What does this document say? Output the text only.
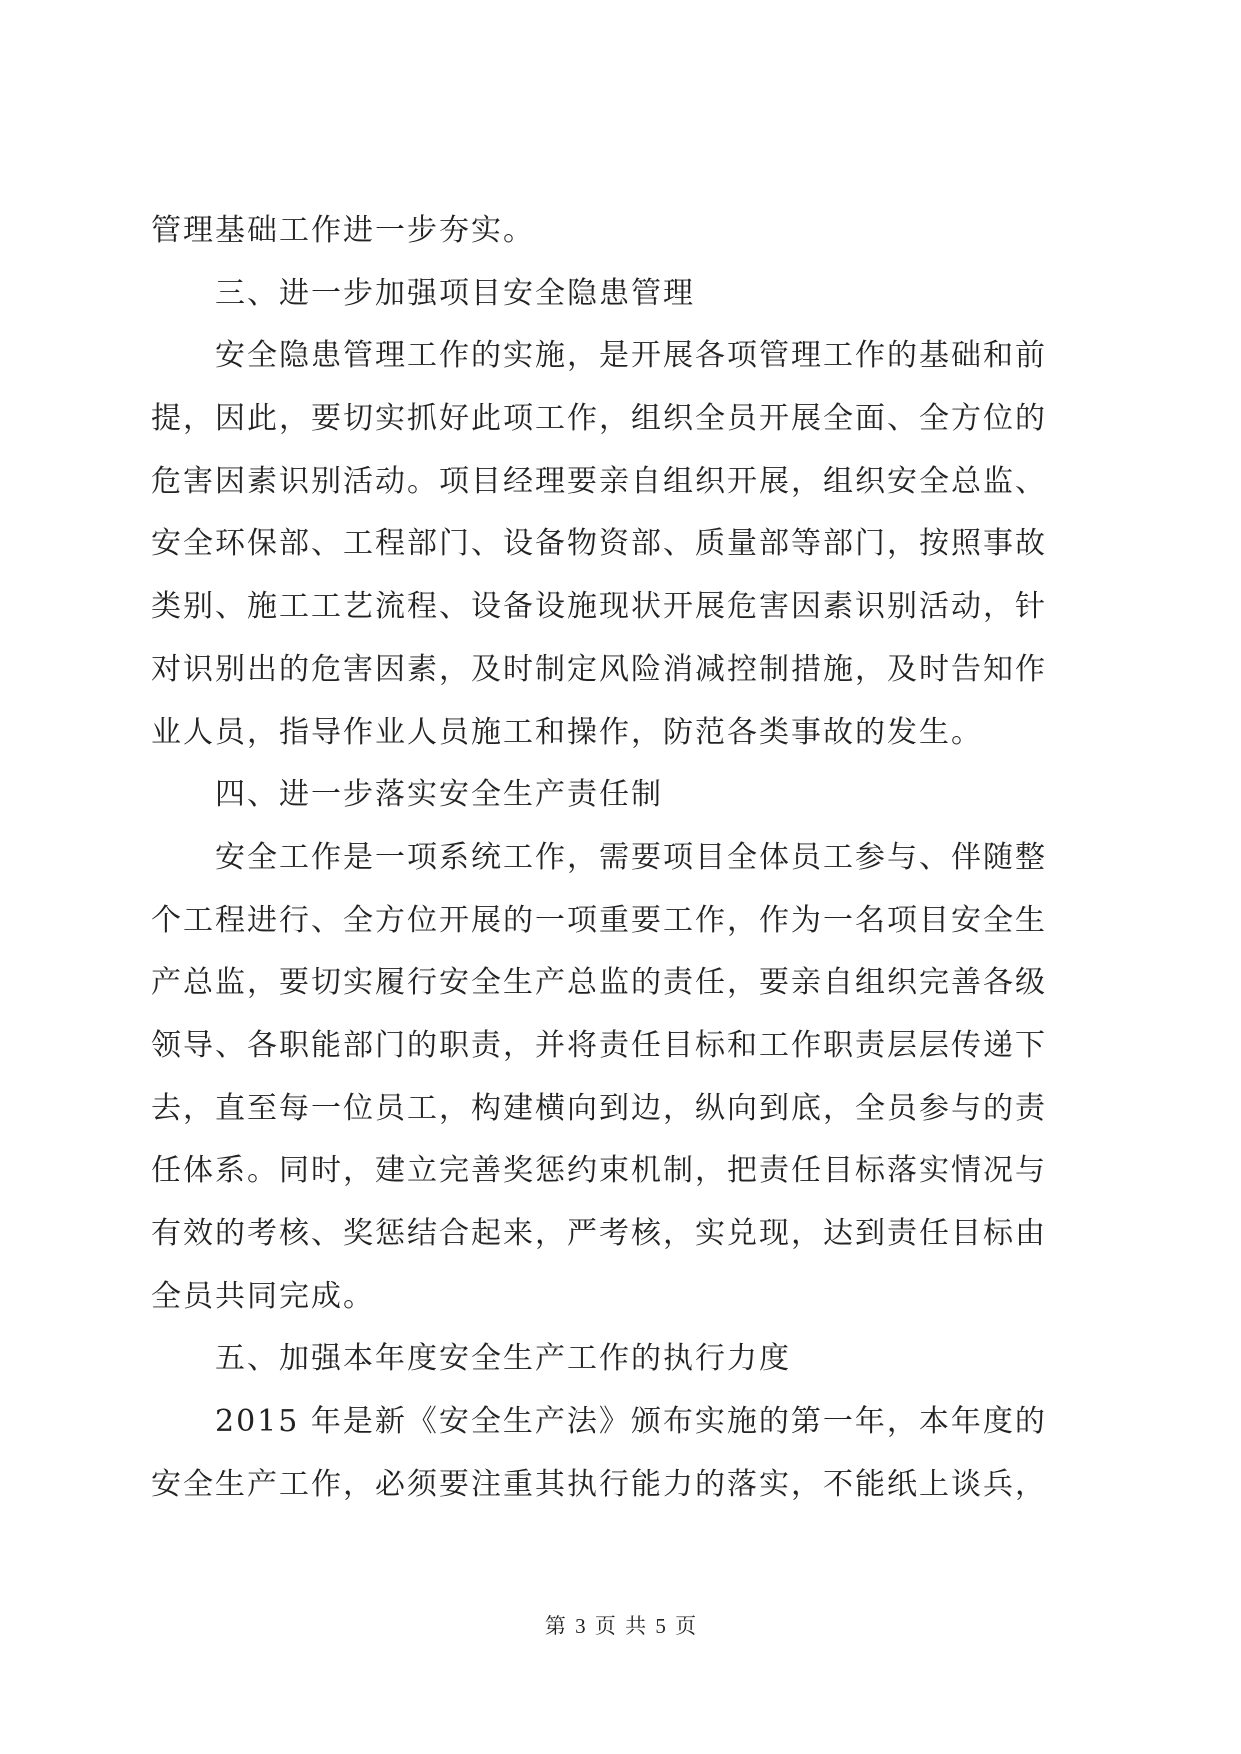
管理基础工作进一步夯实。
三、进一步加强项目安全隐患管理
安全隐患管理工作的实施，是开展各项管理工作的基础和前
提，因此，要切实抓好此项工作，组织全员开展全面、全方位的
危害因素识别活动。项目经理要亲自组织开展，组织安全总监、
安全环保部、工程部门、设备物资部、质量部等部门，按照事故
类别、施工工艺流程、设备设施现状开展危害因素识别活动，针
对识别出的危害因素，及时制定风险消减控制措施，及时告知作
业人员，指导作业人员施工和操作，防范各类事故的发生。
四、进一步落实安全生产责任制
安全工作是一项系统工作，需要项目全体员工参与、伴随整
个工程进行、全方位开展的一项重要工作，作为一名项目安全生
产总监，要切实履行安全生产总监的责任，要亲自组织完善各级
领导、各职能部门的职责，并将责任目标和工作职责层层传递下
去，直至每一位员工，构建横向到边，纵向到底，全员参与的责
任体系。同时，建立完善奖惩约束机制，把责任目标落实情况与
有效的考核、奖惩结合起来，严考核，实兑现，达到责任目标由
全员共同完成。
五、加强本年度安全生产工作的执行力度
2015 年是新《安全生产法》颁布实施的第一年，本年度的
安全生产工作，必须要注重其执行能力的落实，不能纸上谈兵，
第 3 页 共 5 页
